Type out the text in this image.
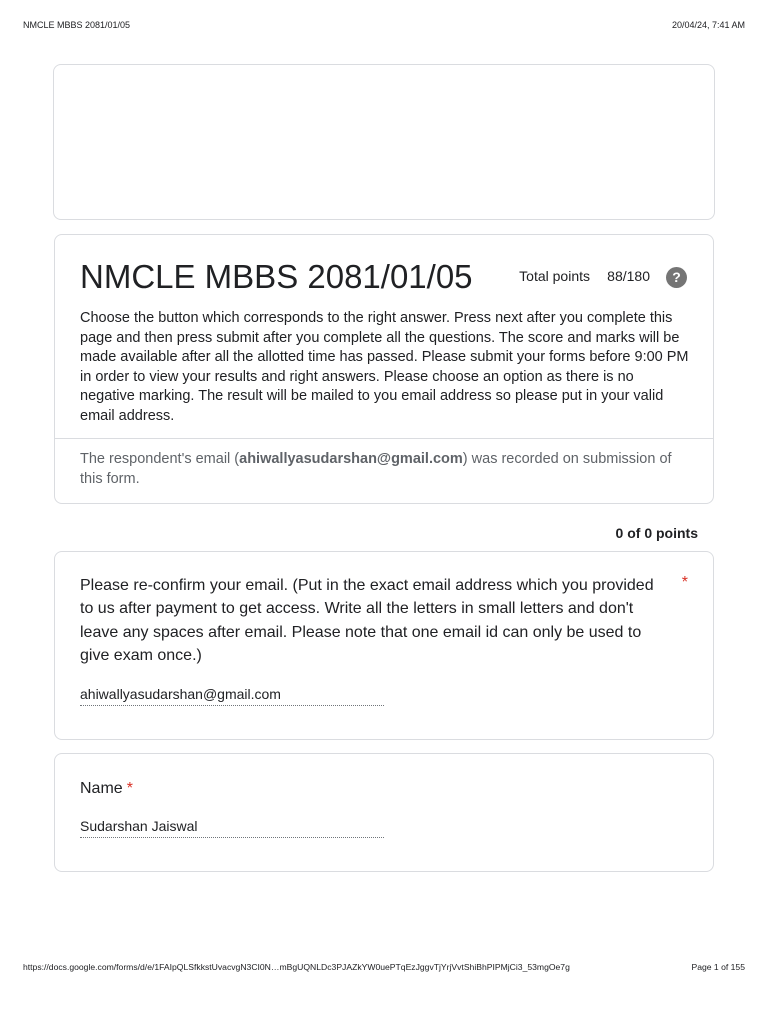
NMCLE MBBS 2081/01/05	20/04/24, 7:41 AM
NMCLE MBBS 2081/01/05	Total points 88/180	?
Choose the button which corresponds to the right answer. Press next after you complete this page and then press submit after you complete all the questions. The score and marks will be made available after all the allotted time has passed. Please submit your forms before 9:00 PM in order to view your results and right answers. Please choose an option as there is no negative marking. The result will be mailed to you email address so please put in your valid email address.
The respondent's email (ahiwallyasudarshan@gmail.com) was recorded on submission of this form.
0 of 0 points
Please re-confirm your email. (Put in the exact email address which you provided to us after payment to get access. Write all the letters in small letters and don't leave any spaces after email. Please note that one email id can only be used to give exam once.)
*
ahiwallyasudarshan@gmail.com
Name *
Sudarshan Jaiswal
https://docs.google.com/forms/d/e/1FAIpQLSfkkstUvacvgN3CI0N…mBgUQNLDc3PJAZkYW0uePTqEzJggvTjYrjVvtShiBhPIPMjCi3_53mgOe7g	Page 1 of 155
